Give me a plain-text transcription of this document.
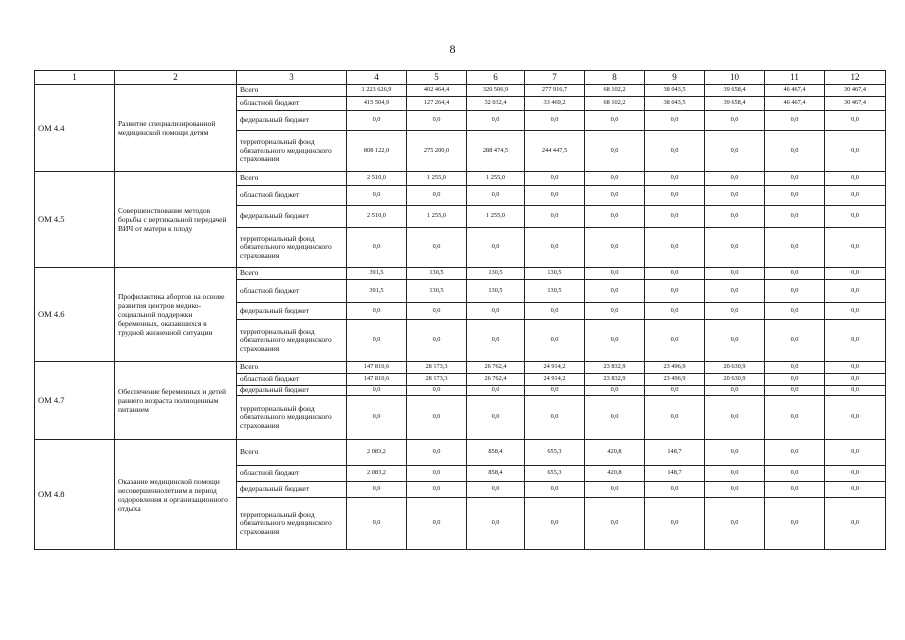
8
1	2	3	4	5	6	7	8	9	10	11	12
ОМ 4.4	Развитие специализированной медицинской помощи детям	Всего	1 223 626,9	402 464,4	320 506,9	277 916,7	68 102,2	38 043,5	39 658,4	46 467,4	30 467,4
		областной бюджет	415 504,9	127 264,4	32 032,4	33 469,2	68 102,2	38 043,5	39 658,4	46 467,4	30 467,4
		федеральный бюджет	0,0	0,0	0,0	0,0	0,0	0,0	0,0	0,0	0,0
		территориальный фонд обязательного медицинского страхования	808 122,0	275 200,0	288 474,5	244 447,5	0,0	0,0	0,0	0,0	0,0
ОМ 4.5	Совершенствование методов борьбы с вертикальной передачей ВИЧ от матери к плоду	Всего	2 510,0	1 255,0	1 255,0	0,0	0,0	0,0	0,0	0,0	0,0
		областной бюджет	0,0	0,0	0,0	0,0	0,0	0,0	0,0	0,0	0,0
		федеральный бюджет	2 510,0	1 255,0	1 255,0	0,0	0,0	0,0	0,0	0,0	0,0
		территориальный фонд обязательного медицинского страхования	0,0	0,0	0,0	0,0	0,0	0,0	0,0	0,0	0,0
ОМ 4.6	Профилактика абортов на основе развития центров медико-социальной поддержки беременных, оказавшихся в трудной жизненной ситуации	Всего	391,5	130,5	130,5	130,5	0,0	0,0	0,0	0,0	0,0
		областной бюджет	391,5	130,5	130,5	130,5	0,0	0,0	0,0	0,0	0,0
		федеральный бюджет	0,0	0,0	0,0	0,0	0,0	0,0	0,0	0,0	0,0
		территориальный фонд обязательного медицинского страхования	0,0	0,0	0,0	0,0	0,0	0,0	0,0	0,0	0,0
ОМ 4.7	Обеспечение беременных и детей раннего возраста полноценным питанием	Всего	147 810,6	28 173,3	26 762,4	24 914,2	23 832,9	23 496,9	20 630,9	0,0	0,0
		областной бюджет	147 810,6	28 173,3	26 762,4	24 914,2	23 832,9	23 496,9	20 630,9	0,0	0,0
		федеральный бюджет	0,0	0,0	0,0	0,0	0,0	0,0	0,0	0,0	0,0
		территориальный фонд обязательного медицинского страхования	0,0	0,0	0,0	0,0	0,0	0,0	0,0	0,0	0,0
ОМ 4.8	Оказание медицинской помощи несовершеннолетним в период оздоровления и организационного отдыха	Всего	2 083,2	0,0	858,4	655,3	420,8	148,7	0,0	0,0	0,0
		областной бюджет	2 083,2	0,0	858,4	655,3	420,8	148,7	0,0	0,0	0,0
		федеральный бюджет	0,0	0,0	0,0	0,0	0,0	0,0	0,0	0,0	0,0
		территориальный фонд обязательного медицинского страхования	0,0	0,0	0,0	0,0	0,0	0,0	0,0	0,0	0,0
